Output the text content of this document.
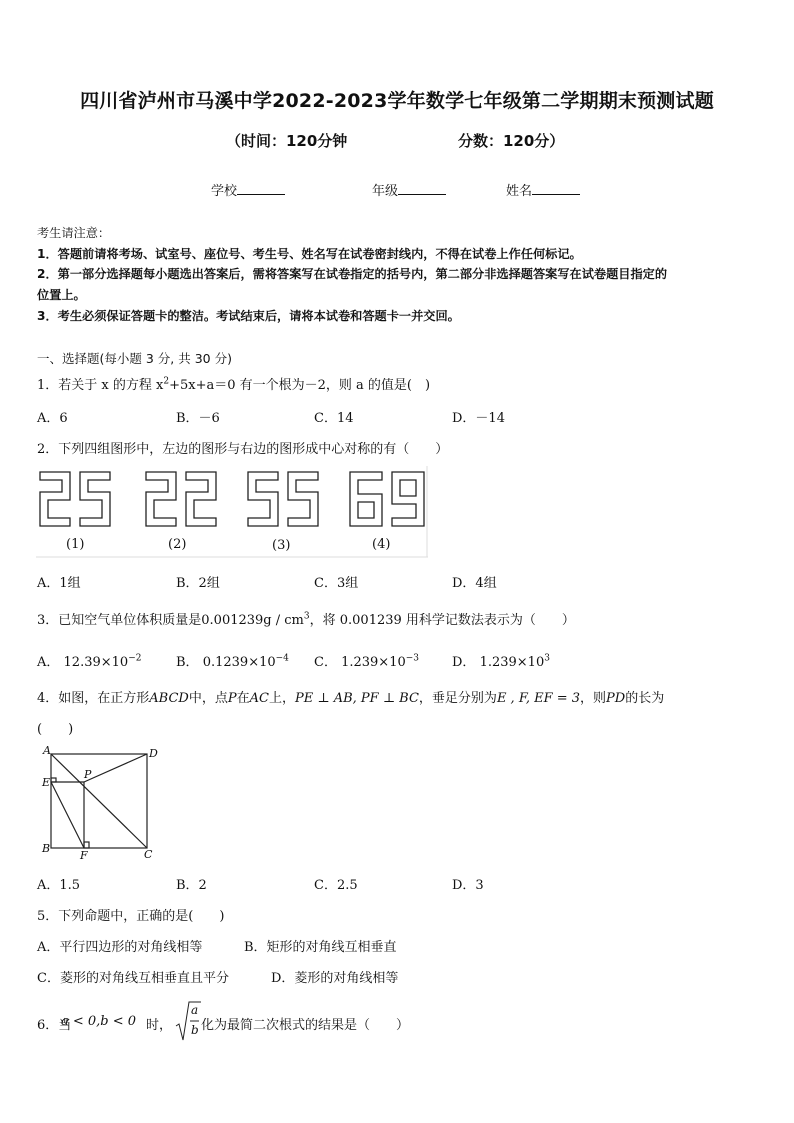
四川省泸州市马溪中学2022-2023学年数学七年级第二学期期末预测试题
（时间：120分钟	分数：120分）
学校	年级	姓名
考生请注意：
1．答题前请将考场、试室号、座位号、考生号、姓名写在试卷密封线内，不得在试卷上作任何标记。
2．第一部分选择题每小题选出答案后，需将答案写在试卷指定的括号内，第二部分非选择题答案写在试卷题目指定的
位置上。
3．考生必须保证答题卡的整洁。考试结束后，请将本试卷和答题卡一并交回。
一、选择题(每小题 3 分, 共 30 分)
1．若关于 x 的方程 $x^2+5x+a=0$ 有一个根为－2，则 a 的值是(　)
A．6	B．－6	C．14	D．－14
2．下列四组图形中，左边的图形与右边的图形成中心对称的有（　　）
(1)	(2)	(3)	(4)
A．1组	B．2组	C．3组	D．4组
3．已知空气单位体积质量是$0.001239g / cm^3$，将 0.001239 用科学记数法表示为（　　）
A． $12.39\times 10^{-2}$	B． $0.1239\times 10^{-4}$ C． $1.239\times 10^{-3}$	D． $1.239\times 10^3$
4．如图，在正方形ABCD中，点P在AC上，PE ⊥ AB, PF ⊥ BC，垂足分别为E , F, EF = 3，则PD的长为
(　　)
A	D
E
P
B
F	C
A．1.5	B．2	C．2.5	D．3
5．下列命题中，正确的是(　　)
A．平行四边形的对角线相等	B．矩形的对角线互相垂直
C．菱形的对角线互相垂直且平分	D．菱形的对角线相等
6．当
a < 0,b < 0 时，
a
b 化为最简二次根式的结果是（　　）
